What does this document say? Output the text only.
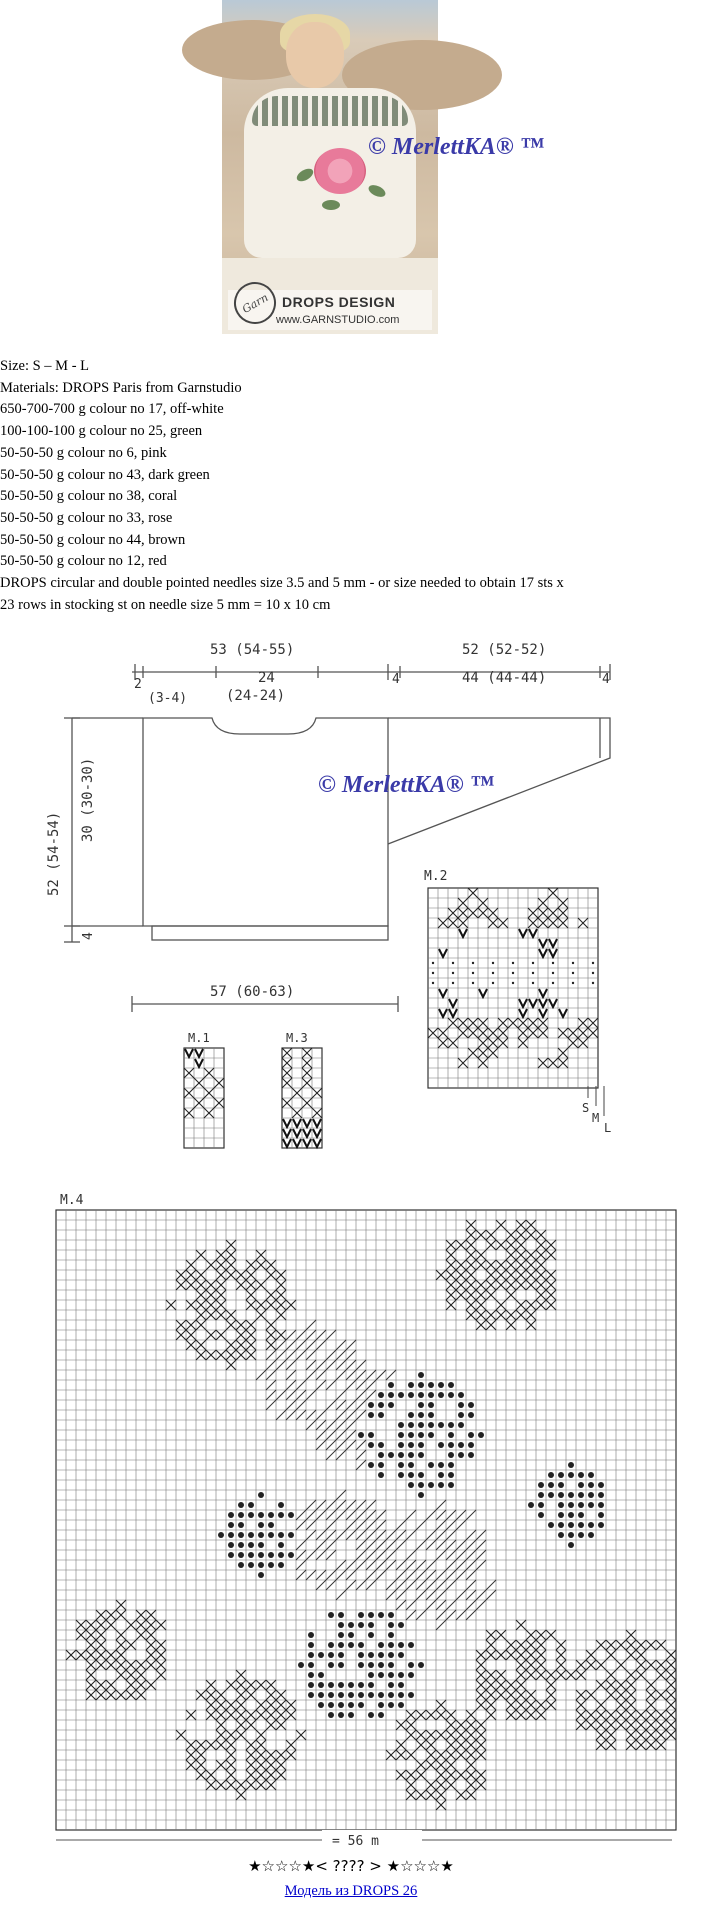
Garn DROPS DESIGN
www.GARNSTUDIO.com
© MerlettKA® ™
Size: S – M - L
Materials: DROPS Paris from Garnstudio
650-700-700 g colour no 17, off-white
100-100-100 g colour no 25, green
50-50-50 g colour no 6, pink
50-50-50 g colour no 43, dark green
50-50-50 g colour no 38, coral
50-50-50 g colour no 33, rose
50-50-50 g colour no 44, brown
50-50-50 g colour no 12, red
DROPS circular and double pointed needles size 3.5 and 5 mm - or size needed to obtain 17 sts x
23 rows in stocking st on needle size 5 mm = 10 x 10 cm
53 (54-55)
24
(24-24)
52 (52-52)
44 (44-44)
2
(3-4)
4	4
52 (54-54)
30 (30-30)
4
57 (60-63)
© MerlettKA® ™
M.1	M.3
M.2
S
M
L
M.4
= 56 m
★☆☆☆★< ???? > ★☆☆☆★
Модель из DROPS 26
